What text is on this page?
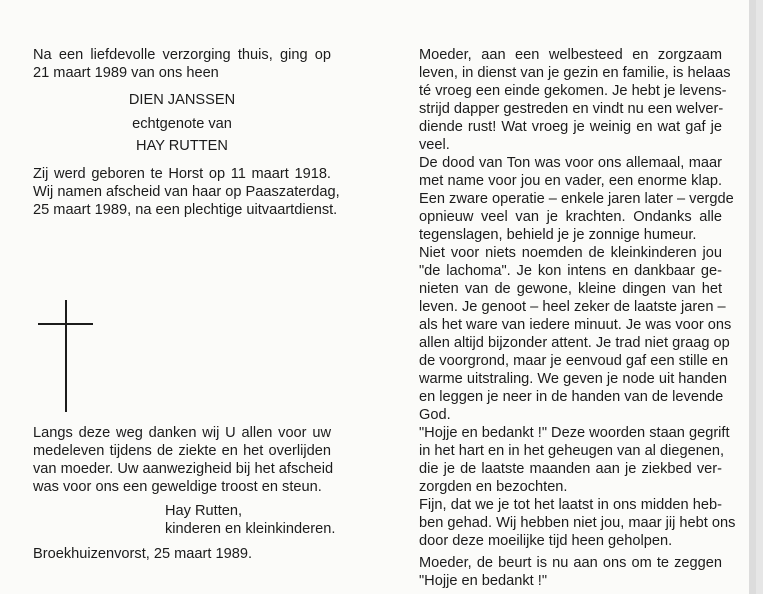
Na een liefdevolle verzorging thuis, ging op
21 maart 1989 van ons heen
DIEN JANSSEN
echtgenote van
HAY RUTTEN
Zij werd geboren te Horst op 11 maart 1918.
Wij namen afscheid van haar op Paaszaterdag,
25 maart 1989, na een plechtige uitvaartdienst.
Langs deze weg danken wij U allen voor uw
medeleven tijdens de ziekte en het overlijden
van moeder. Uw aanwezigheid bij het afscheid
was voor ons een geweldige troost en steun.
Hay Rutten,
kinderen en kleinkinderen.
Broekhuizenvorst, 25 maart 1989.
Moeder, aan een welbesteed en zorgzaam
leven, in dienst van je gezin en familie, is helaas
té vroeg een einde gekomen. Je hebt je levens-
strijd dapper gestreden en vindt nu een welver-
diende rust! Wat vroeg je weinig en wat gaf je
veel.
De dood van Ton was voor ons allemaal, maar
met name voor jou en vader, een enorme klap.
Een zware operatie – enkele jaren later – vergde
opnieuw veel van je krachten. Ondanks alle
tegenslagen, behield je je zonnige humeur.
Niet voor niets noemden de kleinkinderen jou
"de lachoma". Je kon intens en dankbaar ge-
nieten van de gewone, kleine dingen van het
leven. Je genoot – heel zeker de laatste jaren –
als het ware van iedere minuut. Je was voor ons
allen altijd bijzonder attent. Je trad niet graag op
de voorgrond, maar je eenvoud gaf een stille en
warme uitstraling. We geven je node uit handen
en leggen je neer in de handen van de levende
God.
"Hojje en bedankt !" Deze woorden staan gegrift
in het hart en in het geheugen van al diegenen,
die je de laatste maanden aan je ziekbed ver-
zorgden en bezochten.
Fijn, dat we je tot het laatst in ons midden heb-
ben gehad. Wij hebben niet jou, maar jij hebt ons
door deze moeilijke tijd heen geholpen.
Moeder, de beurt is nu aan ons om te zeggen
"Hojje en bedankt !"
